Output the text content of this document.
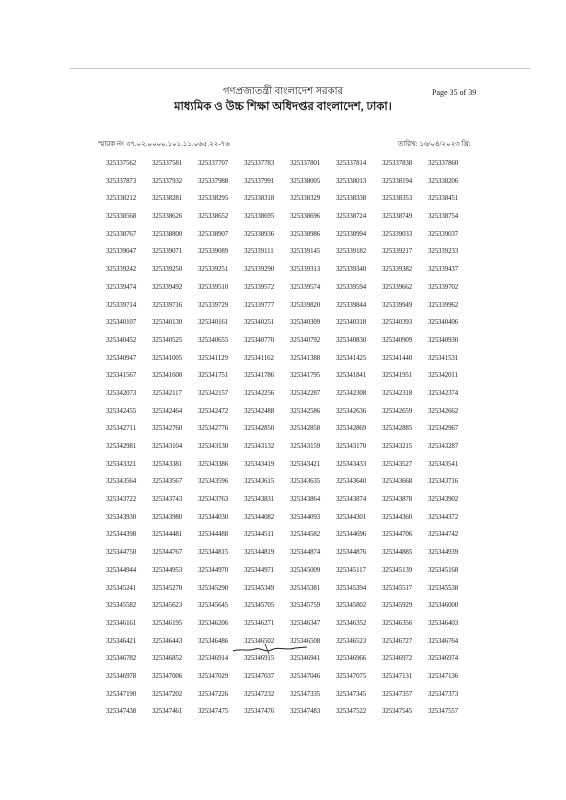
গণপ্রজাতন্ত্রী বাংলাদেশ সরকার
মাধ্যমিক ও উচ্চ শিক্ষা অধিদপ্তর বাংলাদেশ, ঢাকা।
Page 35 of 39
স্মারক নং ৩৭.০২.০০০০.১০১.১১.০৬৫.২২-৭৬	তারিখ: ১৬/০৪/২০২৩ খ্রি:
325337562	325337581	325337707	325337783	325337801	325337814	325337838	325337860
325337873	325337932	325337988	325337991	325338005	325338013	325338194	325338206
325338212	325338281	325338295	325338318	325338329	325338338	325338353	325338451
325338568	325338626	325338652	325338695	325338696	325338724	325338749	325338754
325338767	325338800	325338907	325338936	325338986	325338994	325339033	325339037
325339047	325339071	325339089	325339111	325339145	325339182	325339217	325339233
325339242	325339250	325339251	325339290	325339313	325339340	325339382	325339437
325339474	325339492	325339510	325339572	325339574	325339594	325339662	325339702
325339714	325339716	325339729	325339777	325339820	325339844	325339949	325339962
325340107	325340130	325340161	325340251	325340309	325340318	325340393	325340406
325340452	325340525	325340655	325340770	325340792	325340830	325340909	325340930
325340947	325341005	325341129	325341162	325341388	325341425	325341440	325341531
325341567	325341600	325341751	325341786	325341795	325341841	325341951	325342011
325342073	325342117	325342157	325342256	325342287	325342308	325342318	325342374
325342455	325342464	325342472	325342488	325342586	325342636	325342659	325342662
325342711	325342760	325342776	325342850	325342858	325342869	325342885	325342967
325342981	325343104	325343130	325343132	325343159	325343170	325343215	325343287
325343321	325343381	325343386	325343419	325343421	325343433	325343527	325343541
325343564	325343567	325343596	325343615	325343635	325343640	325343668	325343716
325343722	325343743	325343763	325343831	325343864	325343874	325343878	325343902
325343930	325343980	325344030	325344082	325344093	325344301	325344360	325344372
325344398	325344481	325344488	325344511	325344582	325344696	325344706	325344742
325344750	325344767	325344815	325344819	325344874	325344876	325344885	325344939
325344944	325344953	325344970	325344971	325345009	325345117	325345139	325345168
325345241	325345270	325345290	325345349	325345381	325345394	325345517	325345538
325345582	325345623	325345645	325345705	325345759	325345802	325345929	325346000
325346161	325346195	325346206	325346271	325346347	325346352	325346356	325346403
325346421	325346443	325346486	325346502	325346508	325346523	325346727	325346764
325346782	325346852	325346914	325346915	325346941	325346966	325346972	325346974
325346978	325347006	325347029	325347037	325347046	325347075	325347131	325347136
325347190	325347202	325347226	325347232	325347335	325347345	325347357	325347373
325347438	325347461	325347475	325347476	325347483	325347522	325347545	325347557
